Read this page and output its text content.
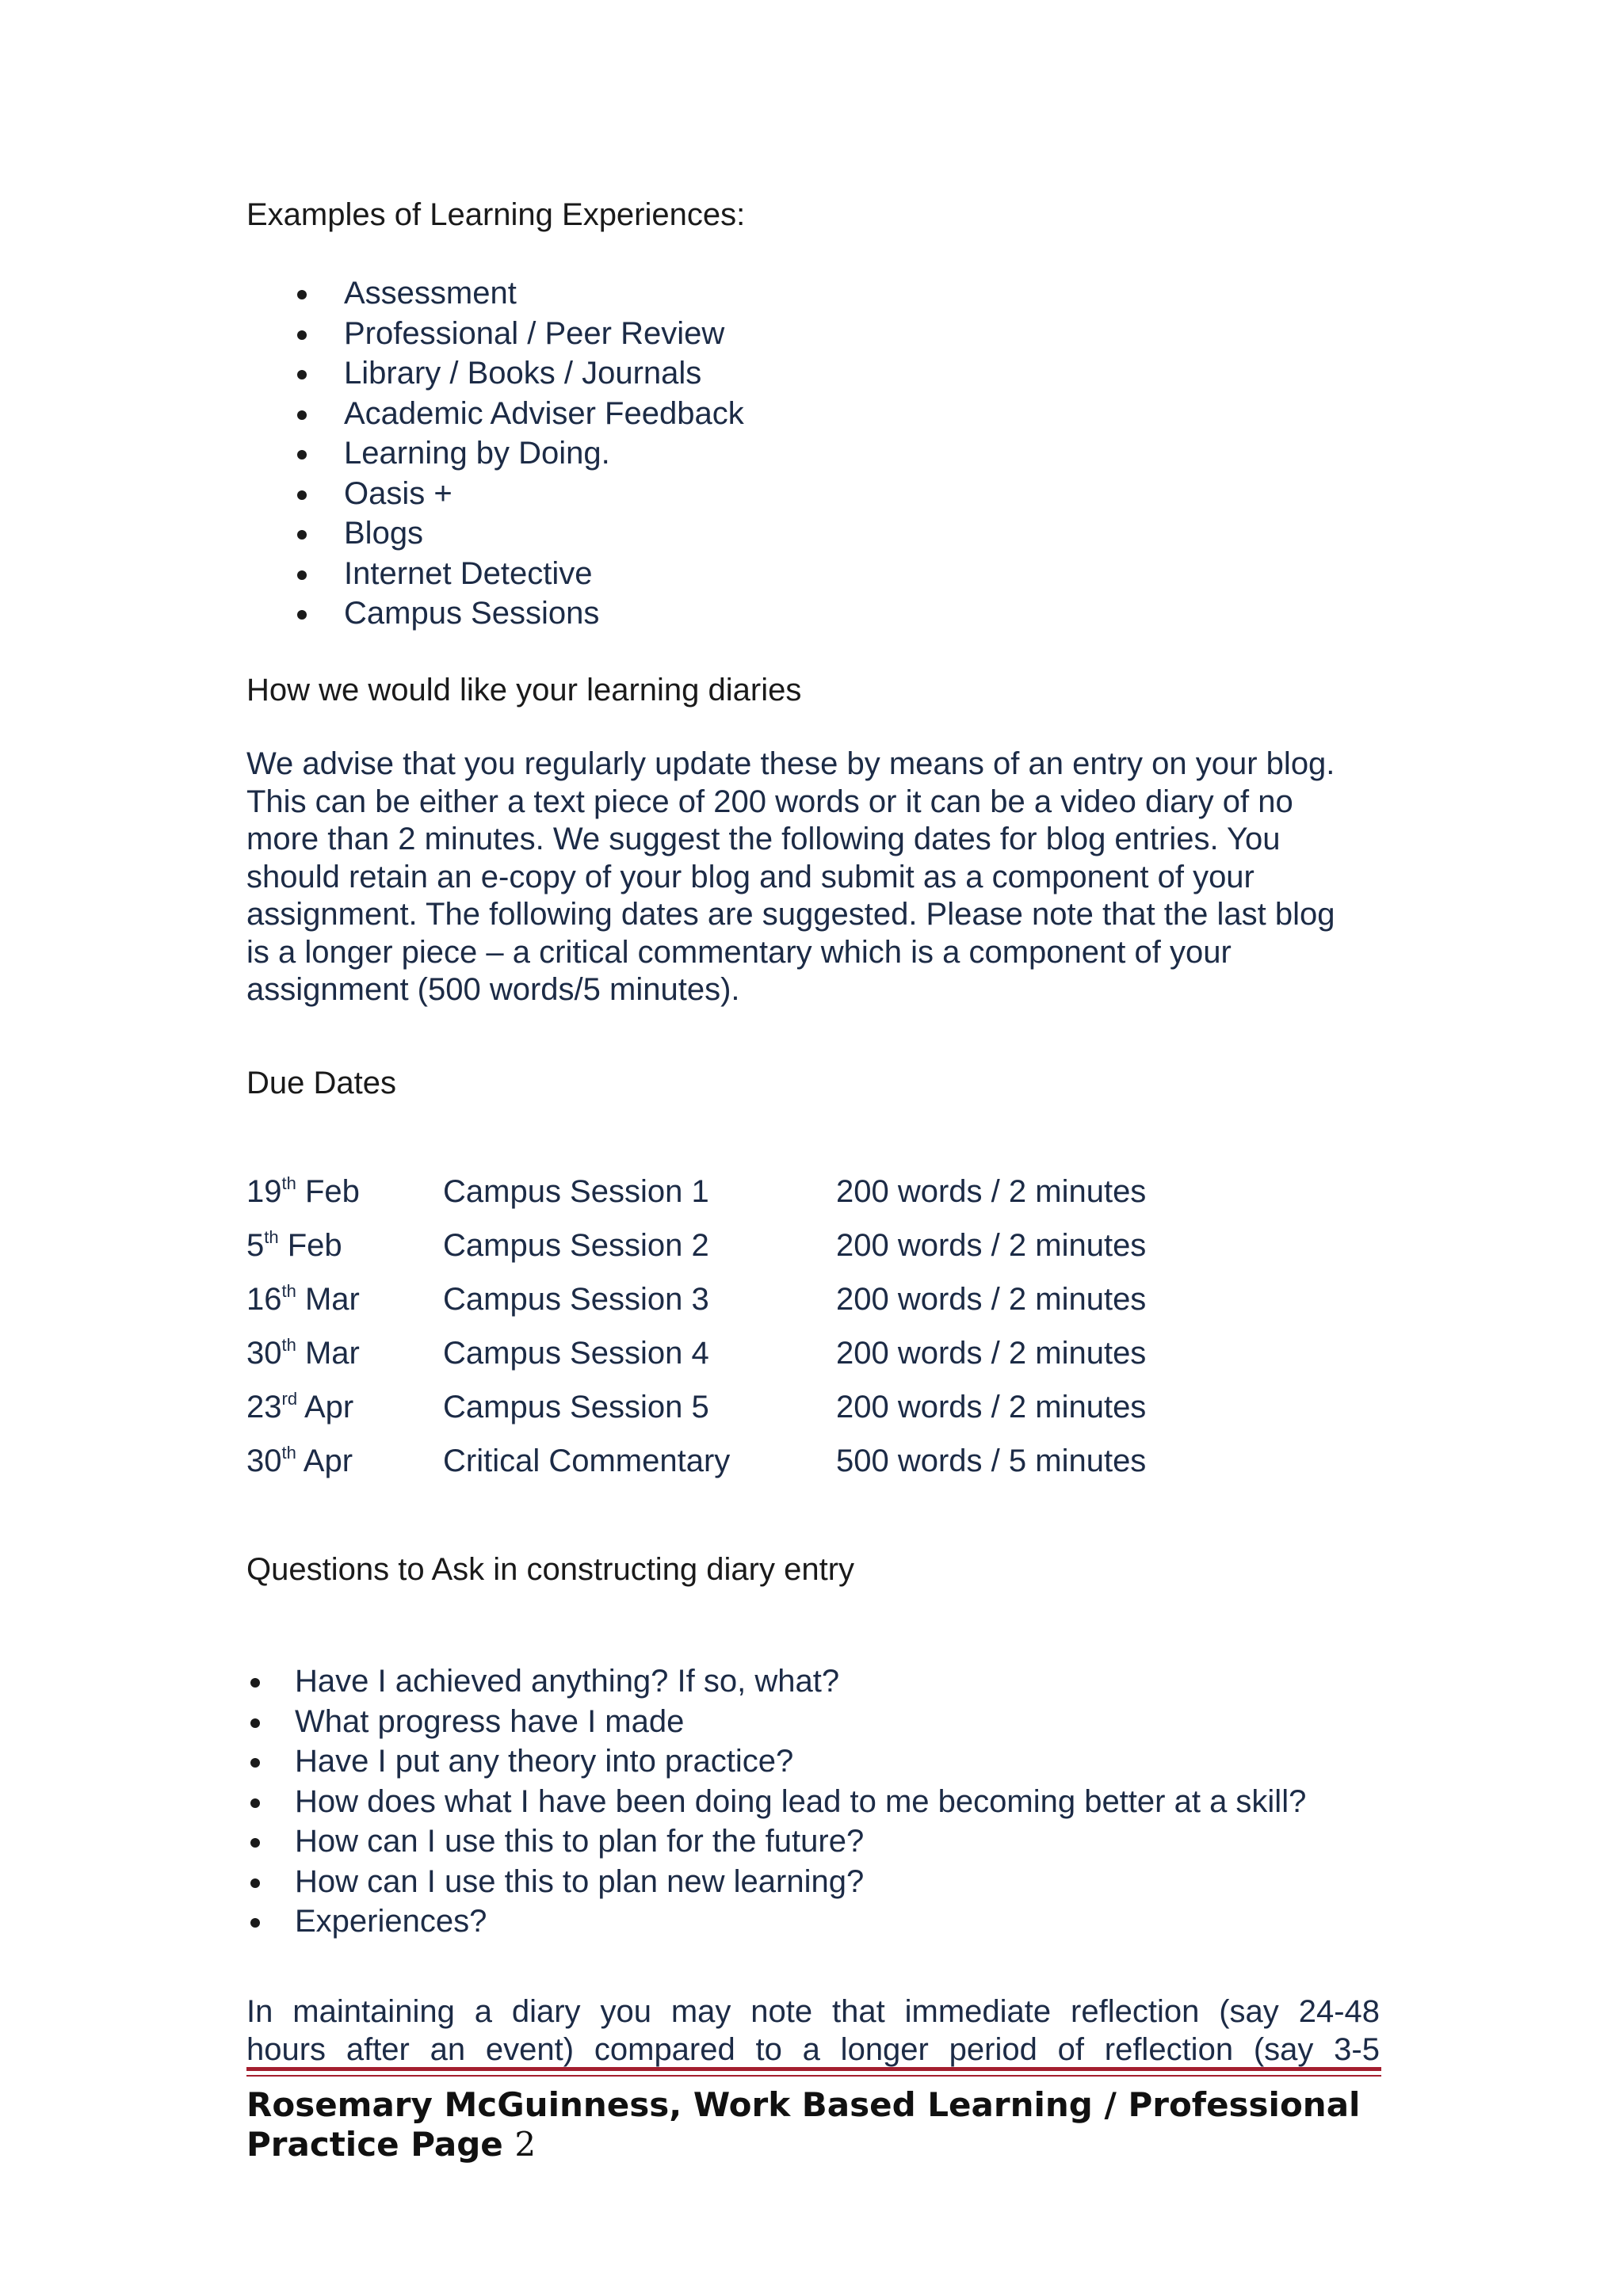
Examples of Learning Experiences:
Assessment
Professional / Peer Review
Library / Books / Journals
Academic Adviser Feedback
Learning by Doing.
Oasis +
Blogs
Internet Detective
Campus Sessions
How we would like your learning diaries

We advise that you regularly update these by means of an entry on your blog.

This can be either a text piece of 200 words or it can be a video diary of no

more than 2 minutes. We suggest the following dates for blog entries. You

should retain an e-copy of your blog and submit as a component of your

assignment. The following dates are suggested. Please note that the last blog

is a longer piece – a critical commentary which is a component of your

assignment (500 words/5 minutes).

Due Dates
19th Feb	Campus Session 1	200 words / 2 minutes
5th Feb	Campus Session 2	200 words / 2 minutes
16th Mar	Campus Session 3	200 words / 2 minutes
30th Mar	Campus Session 4	200 words / 2 minutes
23rd Apr	Campus Session 5	200 words / 2 minutes
30th Apr	Critical Commentary	500 words / 5 minutes
Questions to Ask in constructing diary entry
Have I achieved anything? If so, what?
What progress have I made
Have I put any theory into practice?
How does what I have been doing lead to me becoming better at a skill?
How can I use this to plan for the future?
How can I use this to plan new learning?
Experiences?
In maintaining a diary you may note that immediate reflection (say 24-48
hours after an event) compared to a longer period of reflection (say 3-5
Rosemary McGuinness, Work Based Learning / Professional
Practice Page 2
